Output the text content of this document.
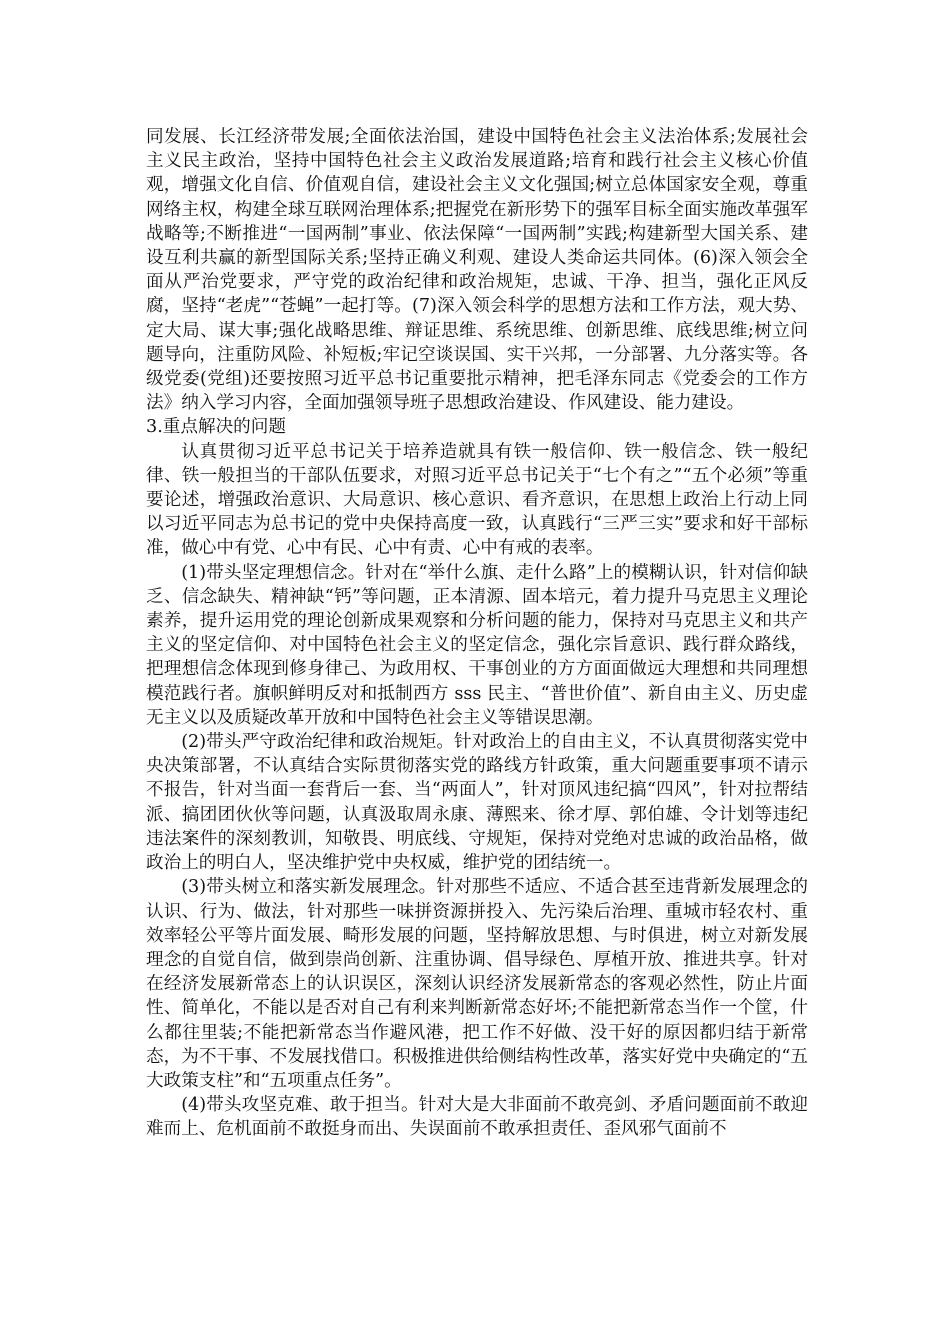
同发展、长江经济带发展;全面依法治国，建设中国特色社会主义法治体系;发展社会主义民主政治，坚持中国特色社会主义政治发展道路;培育和践行社会主义核心价值观，增强文化自信、价值观自信，建设社会主义文化强国;树立总体国家安全观，尊重网络主权，构建全球互联网治理体系;把握党在新形势下的强军目标全面实施改革强军战略等;不断推进“一国两制”事业、依法保障“一国两制”实践;构建新型大国关系、建设互利共赢的新型国际关系;坚持正确义利观、建设人类命运共同体。(6)深入领会全面从严治党要求，严守党的政治纪律和政治规矩，忠诚、干净、担当，强化正风反腐，坚持“老虎”“苍蝇”一起打等。(7)深入领会科学的思想方法和工作方法，观大势、定大局、谋大事;强化战略思维、辩证思维、系统思维、创新思维、底线思维;树立问题导向，注重防风险、补短板;牢记空谈误国、实干兴邦，一分部署、九分落实等。各级党委(党组)还要按照习近平总书记重要批示精神，把毛泽东同志《党委会的工作方法》纳入学习内容，全面加强领导班子思想政治建设、作风建设、能力建设。

3.重点解决的问题

认真贯彻习近平总书记关于培养造就具有铁一般信仰、铁一般信念、铁一般纪律、铁一般担当的干部队伍要求，对照习近平总书记关于“七个有之”“五个必须”等重要论述，增强政治意识、大局意识、核心意识、看齐意识，在思想上政治上行动上同以习近平同志为总书记的党中央保持高度一致，认真践行“三严三实”要求和好干部标准，做心中有党、心中有民、心中有责、心中有戒的表率。

(1)带头坚定理想信念。针对在“举什么旗、走什么路”上的模糊认识，针对信仰缺乏、信念缺失、精神缺“钙”等问题，正本清源、固本培元，着力提升马克思主义理论素养，提升运用党的理论创新成果观察和分析问题的能力，保持对马克思主义和共产主义的坚定信仰、对中国特色社会主义的坚定信念，强化宗旨意识、践行群众路线，把理想信念体现到修身律己、为政用权、干事创业的方方面面做远大理想和共同理想模范践行者。旗帜鲜明反对和抵制西方 sss 民主、“普世价值”、新自由主义、历史虚无主义以及质疑改革开放和中国特色社会主义等错误思潮。

(2)带头严守政治纪律和政治规矩。针对政治上的自由主义，不认真贯彻落实党中央决策部署，不认真结合实际贯彻落实党的路线方针政策，重大问题重要事项不请示不报告，针对当面一套背后一套、当“两面人”，针对顶风违纪搞“四风”，针对拉帮结派、搞团团伙伙等问题，认真汲取周永康、薄熙来、徐才厚、郭伯雄、令计划等违纪违法案件的深刻教训，知敬畏、明底线、守规矩，保持对党绝对忠诚的政治品格，做政治上的明白人，坚决维护党中央权威，维护党的团结统一。

(3)带头树立和落实新发展理念。针对那些不适应、不适合甚至违背新发展理念的认识、行为、做法，针对那些一味拼资源拼投入、先污染后治理、重城市轻农村、重效率轻公平等片面发展、畸形发展的问题，坚持解放思想、与时俱进，树立对新发展理念的自觉自信，做到崇尚创新、注重协调、倡导绿色、厚植开放、推进共享。针对在经济发展新常态上的认识误区，深刻认识经济发展新常态的客观必然性，防止片面性、简单化，不能以是否对自己有利来判断新常态好坏;不能把新常态当作一个筐，什么都往里装;不能把新常态当作避风港，把工作不好做、没干好的原因都归结于新常态，为不干事、不发展找借口。积极推进供给侧结构性改革，落实好党中央确定的“五大政策支柱”和“五项重点任务”。

(4)带头攻坚克难、敢于担当。针对大是大非面前不敢亮剑、矛盾问题面前不敢迎难而上、危机面前不敢挺身而出、失误面前不敢承担责任、歪风邪气面前不
